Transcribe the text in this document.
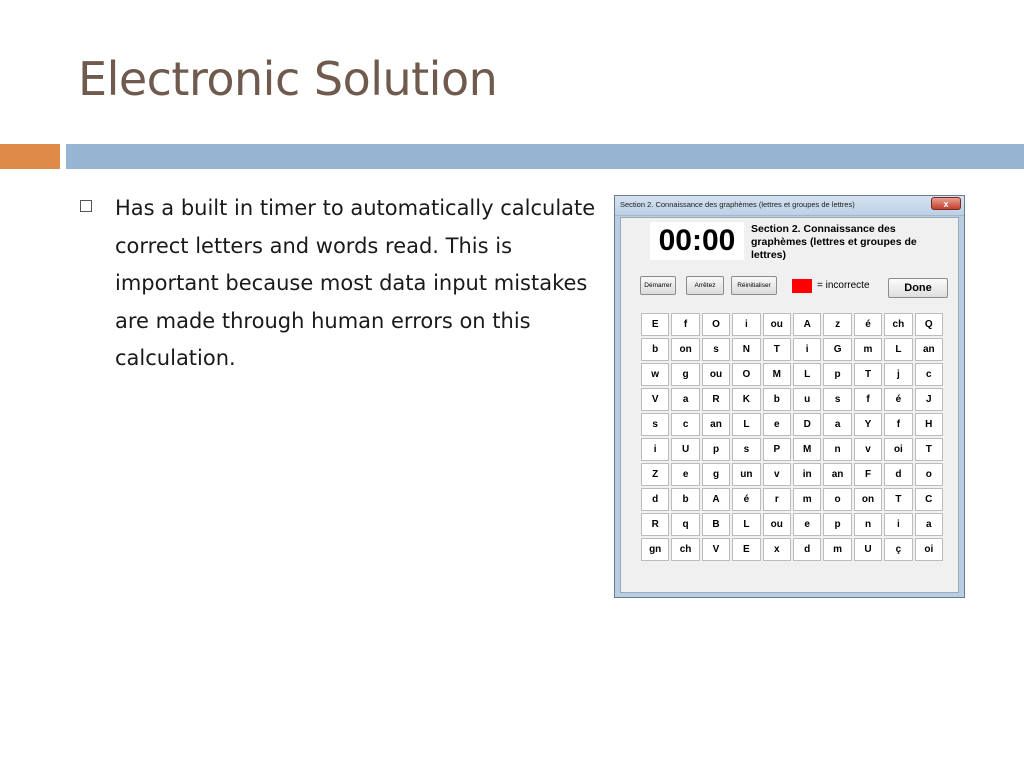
Electronic Solution
Has a built in timer to automatically calculate correct letters and words read. This is important because most data input mistakes are made through human errors on this calculation.
Section 2. Connaissance des graphèmes (lettres et groupes de lettres)	x
00:00	Section 2. Connaissance des graphèmes (lettres et groupes de lettres)
Démarrer	Arrêtez	Réinitialiser	= incorrecte	Done
E	f	O	i	ou	A	z	é	ch	Q
b	on	s	N	T	i	G	m	L	an
w	g	ou	O	M	L	p	T	j	c
V	a	R	K	b	u	s	f	é	J
s	c	an	L	e	D	a	Y	f	H
i	U	p	s	P	M	n	v	oi	T
Z	e	g	un	v	in	an	F	d	o
d	b	A	é	r	m	o	on	T	C
R	q	B	L	ou	e	p	n	i	a
gn	ch	V	E	x	d	m	U	ç	oi
